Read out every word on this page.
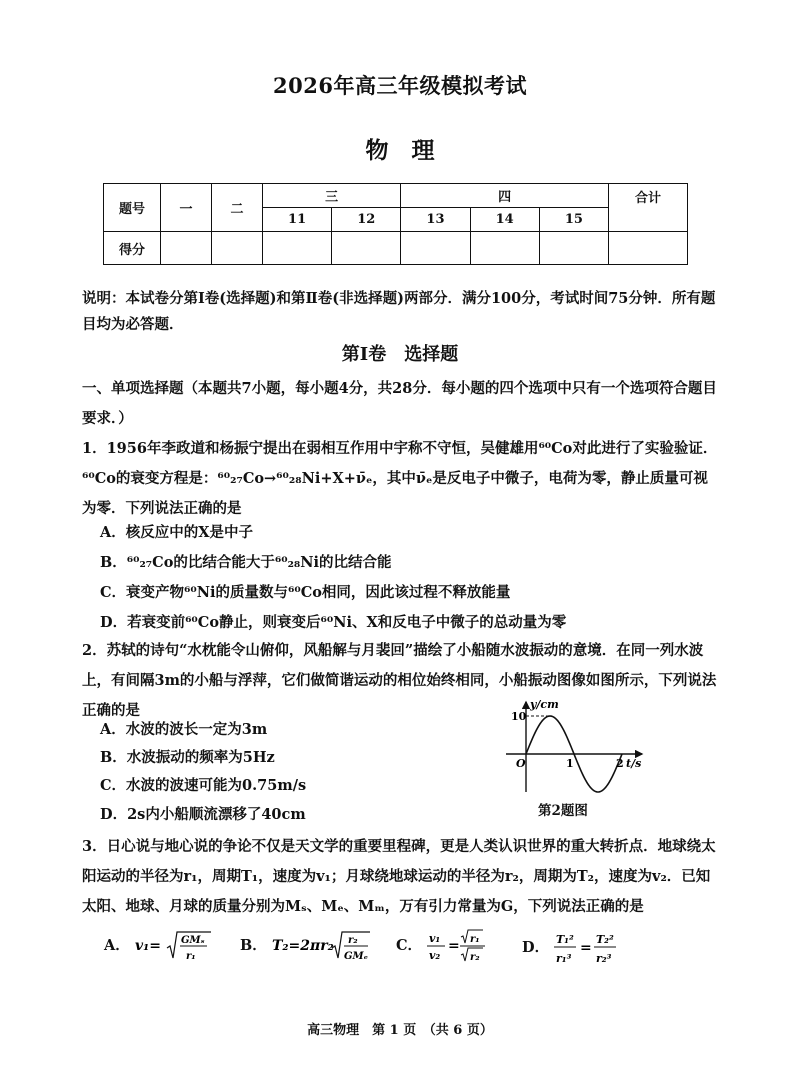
2026年高三年级模拟考试
物　理
题号	一	二	三		四			合计
			11	12	13	14	15	
得分								
说明：本试卷分第Ⅰ卷(选择题)和第Ⅱ卷(非选择题)两部分．满分100分，考试时间75分钟．所有题目均为必答题．
第Ⅰ卷　选择题
一、单项选择题（本题共7小题，每小题4分，共28分．每小题的四个选项中只有一个选项符合题目要求．）
1．1956年李政道和杨振宁提出在弱相互作用中宇称不守恒，吴健雄用⁶⁰Co对此进行了实验验证．⁶⁰Co的衰变方程是：⁶⁰₂₇Co→⁶⁰₂₈Ni+X+ν̄ₑ，其中ν̄ₑ是反电子中微子，电荷为零，静止质量可视为零．下列说法正确的是
A．核反应中的X是中子
B．⁶⁰₂₇Co的比结合能大于⁶⁰₂₈Ni的比结合能
C．衰变产物⁶⁰Ni的质量数与⁶⁰Co相同，因此该过程不释放能量
D．若衰变前⁶⁰Co静止，则衰变后⁶⁰Ni、X和反电子中微子的总动量为零
2．苏轼的诗句“水枕能令山俯仰，风船解与月裴回”描绘了小船随水波振动的意境．在同一列水波上，有间隔3m的小船与浮萍，它们做简谐运动的相位始终相同，小船振动图像如图所示，下列说法正确的是
A．水波的波长一定为3m
B．水波振动的频率为5Hz
C．水波的波速可能为0.75m/s
D．2s内小船顺流漂移了40cm
y/cm
10
O	1	2 t/s
第2题图
3．日心说与地心说的争论不仅是天文学的重要里程碑，更是人类认识世界的重大转折点．地球绕太阳运动的半径为r₁，周期T₁，速度为v₁；月球绕地球运动的半径为r₂，周期为T₂，速度为v₂．已知太阳、地球、月球的质量分别为Mₛ、Mₑ、Mₘ，万有引力常量为G，下列说法正确的是
A． v₁= GMₛ
r₁
B． T₂=2πr₂ r₂
GMₑ
C． v₁
v₂
= r₁
r₂
D． T₁²
r₁³
=
T₂²
r₂³
高三物理　第 1 页　（共 6 页）
